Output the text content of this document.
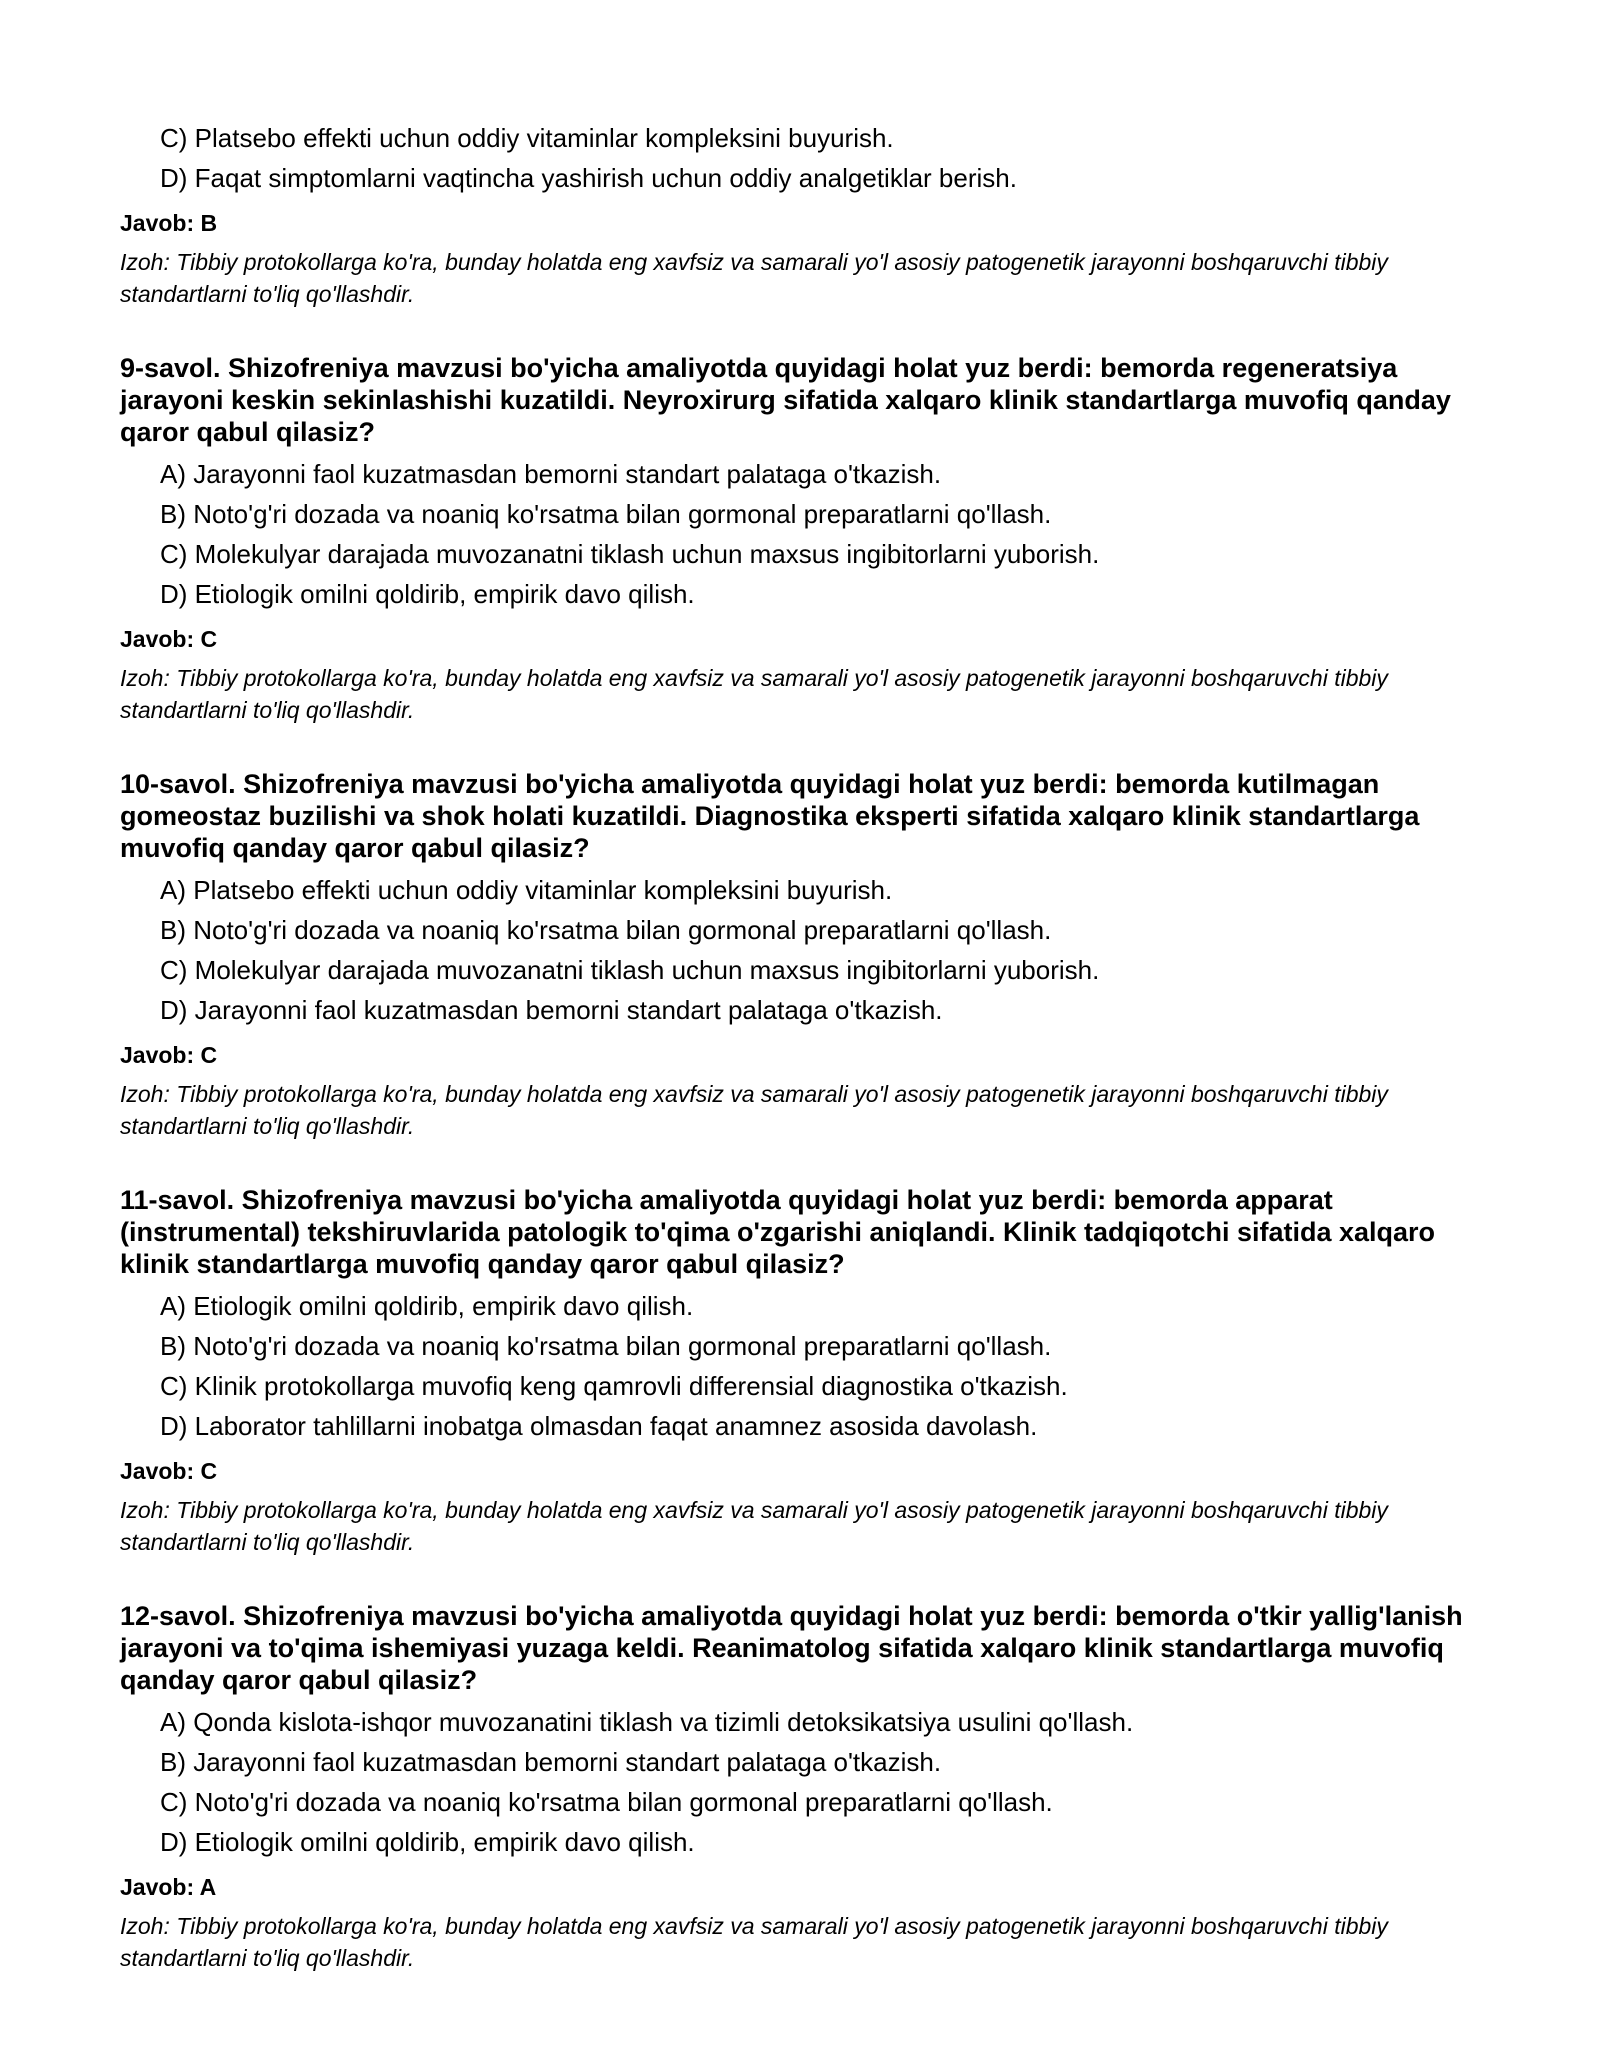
C) Platsebo effekti uchun oddiy vitaminlar kompleksini buyurish.
D) Faqat simptomlarni vaqtincha yashirish uchun oddiy analgetiklar berish.
Javob: B
Izoh: Tibbiy protokollarga ko'ra, bunday holatda eng xavfsiz va samarali yo'l asosiy patogenetik jarayonni boshqaruvchi tibbiy standartlarni to'liq qo'llashdir.
9-savol. Shizofreniya mavzusi bo'yicha amaliyotda quyidagi holat yuz berdi: bemorda regeneratsiya jarayoni keskin sekinlashishi kuzatildi. Neyroxirurg sifatida xalqaro klinik standartlarga muvofiq qanday qaror qabul qilasiz?
A) Jarayonni faol kuzatmasdan bemorni standart palataga o'tkazish.
B) Noto'g'ri dozada va noaniq ko'rsatma bilan gormonal preparatlarni qo'llash.
C) Molekulyar darajada muvozanatni tiklash uchun maxsus ingibitorlarni yuborish.
D) Etiologik omilni qoldirib, empirik davo qilish.
Javob: C
Izoh: Tibbiy protokollarga ko'ra, bunday holatda eng xavfsiz va samarali yo'l asosiy patogenetik jarayonni boshqaruvchi tibbiy standartlarni to'liq qo'llashdir.
10-savol. Shizofreniya mavzusi bo'yicha amaliyotda quyidagi holat yuz berdi: bemorda kutilmagan gomeostaz buzilishi va shok holati kuzatildi. Diagnostika eksperti sifatida xalqaro klinik standartlarga muvofiq qanday qaror qabul qilasiz?
A) Platsebo effekti uchun oddiy vitaminlar kompleksini buyurish.
B) Noto'g'ri dozada va noaniq ko'rsatma bilan gormonal preparatlarni qo'llash.
C) Molekulyar darajada muvozanatni tiklash uchun maxsus ingibitorlarni yuborish.
D) Jarayonni faol kuzatmasdan bemorni standart palataga o'tkazish.
Javob: C
Izoh: Tibbiy protokollarga ko'ra, bunday holatda eng xavfsiz va samarali yo'l asosiy patogenetik jarayonni boshqaruvchi tibbiy standartlarni to'liq qo'llashdir.
11-savol. Shizofreniya mavzusi bo'yicha amaliyotda quyidagi holat yuz berdi: bemorda apparat (instrumental) tekshiruvlarida patologik to'qima o'zgarishi aniqlandi. Klinik tadqiqotchi sifatida xalqaro klinik standartlarga muvofiq qanday qaror qabul qilasiz?
A) Etiologik omilni qoldirib, empirik davo qilish.
B) Noto'g'ri dozada va noaniq ko'rsatma bilan gormonal preparatlarni qo'llash.
C) Klinik protokollarga muvofiq keng qamrovli differensial diagnostika o'tkazish.
D) Laborator tahlillarni inobatga olmasdan faqat anamnez asosida davolash.
Javob: C
Izoh: Tibbiy protokollarga ko'ra, bunday holatda eng xavfsiz va samarali yo'l asosiy patogenetik jarayonni boshqaruvchi tibbiy standartlarni to'liq qo'llashdir.
12-savol. Shizofreniya mavzusi bo'yicha amaliyotda quyidagi holat yuz berdi: bemorda o'tkir yallig'lanish jarayoni va to'qima ishemiyasi yuzaga keldi. Reanimatolog sifatida xalqaro klinik standartlarga muvofiq qanday qaror qabul qilasiz?
A) Qonda kislota-ishqor muvozanatini tiklash va tizimli detoksikatsiya usulini qo'llash.
B) Jarayonni faol kuzatmasdan bemorni standart palataga o'tkazish.
C) Noto'g'ri dozada va noaniq ko'rsatma bilan gormonal preparatlarni qo'llash.
D) Etiologik omilni qoldirib, empirik davo qilish.
Javob: A
Izoh: Tibbiy protokollarga ko'ra, bunday holatda eng xavfsiz va samarali yo'l asosiy patogenetik jarayonni boshqaruvchi tibbiy standartlarni to'liq qo'llashdir.
